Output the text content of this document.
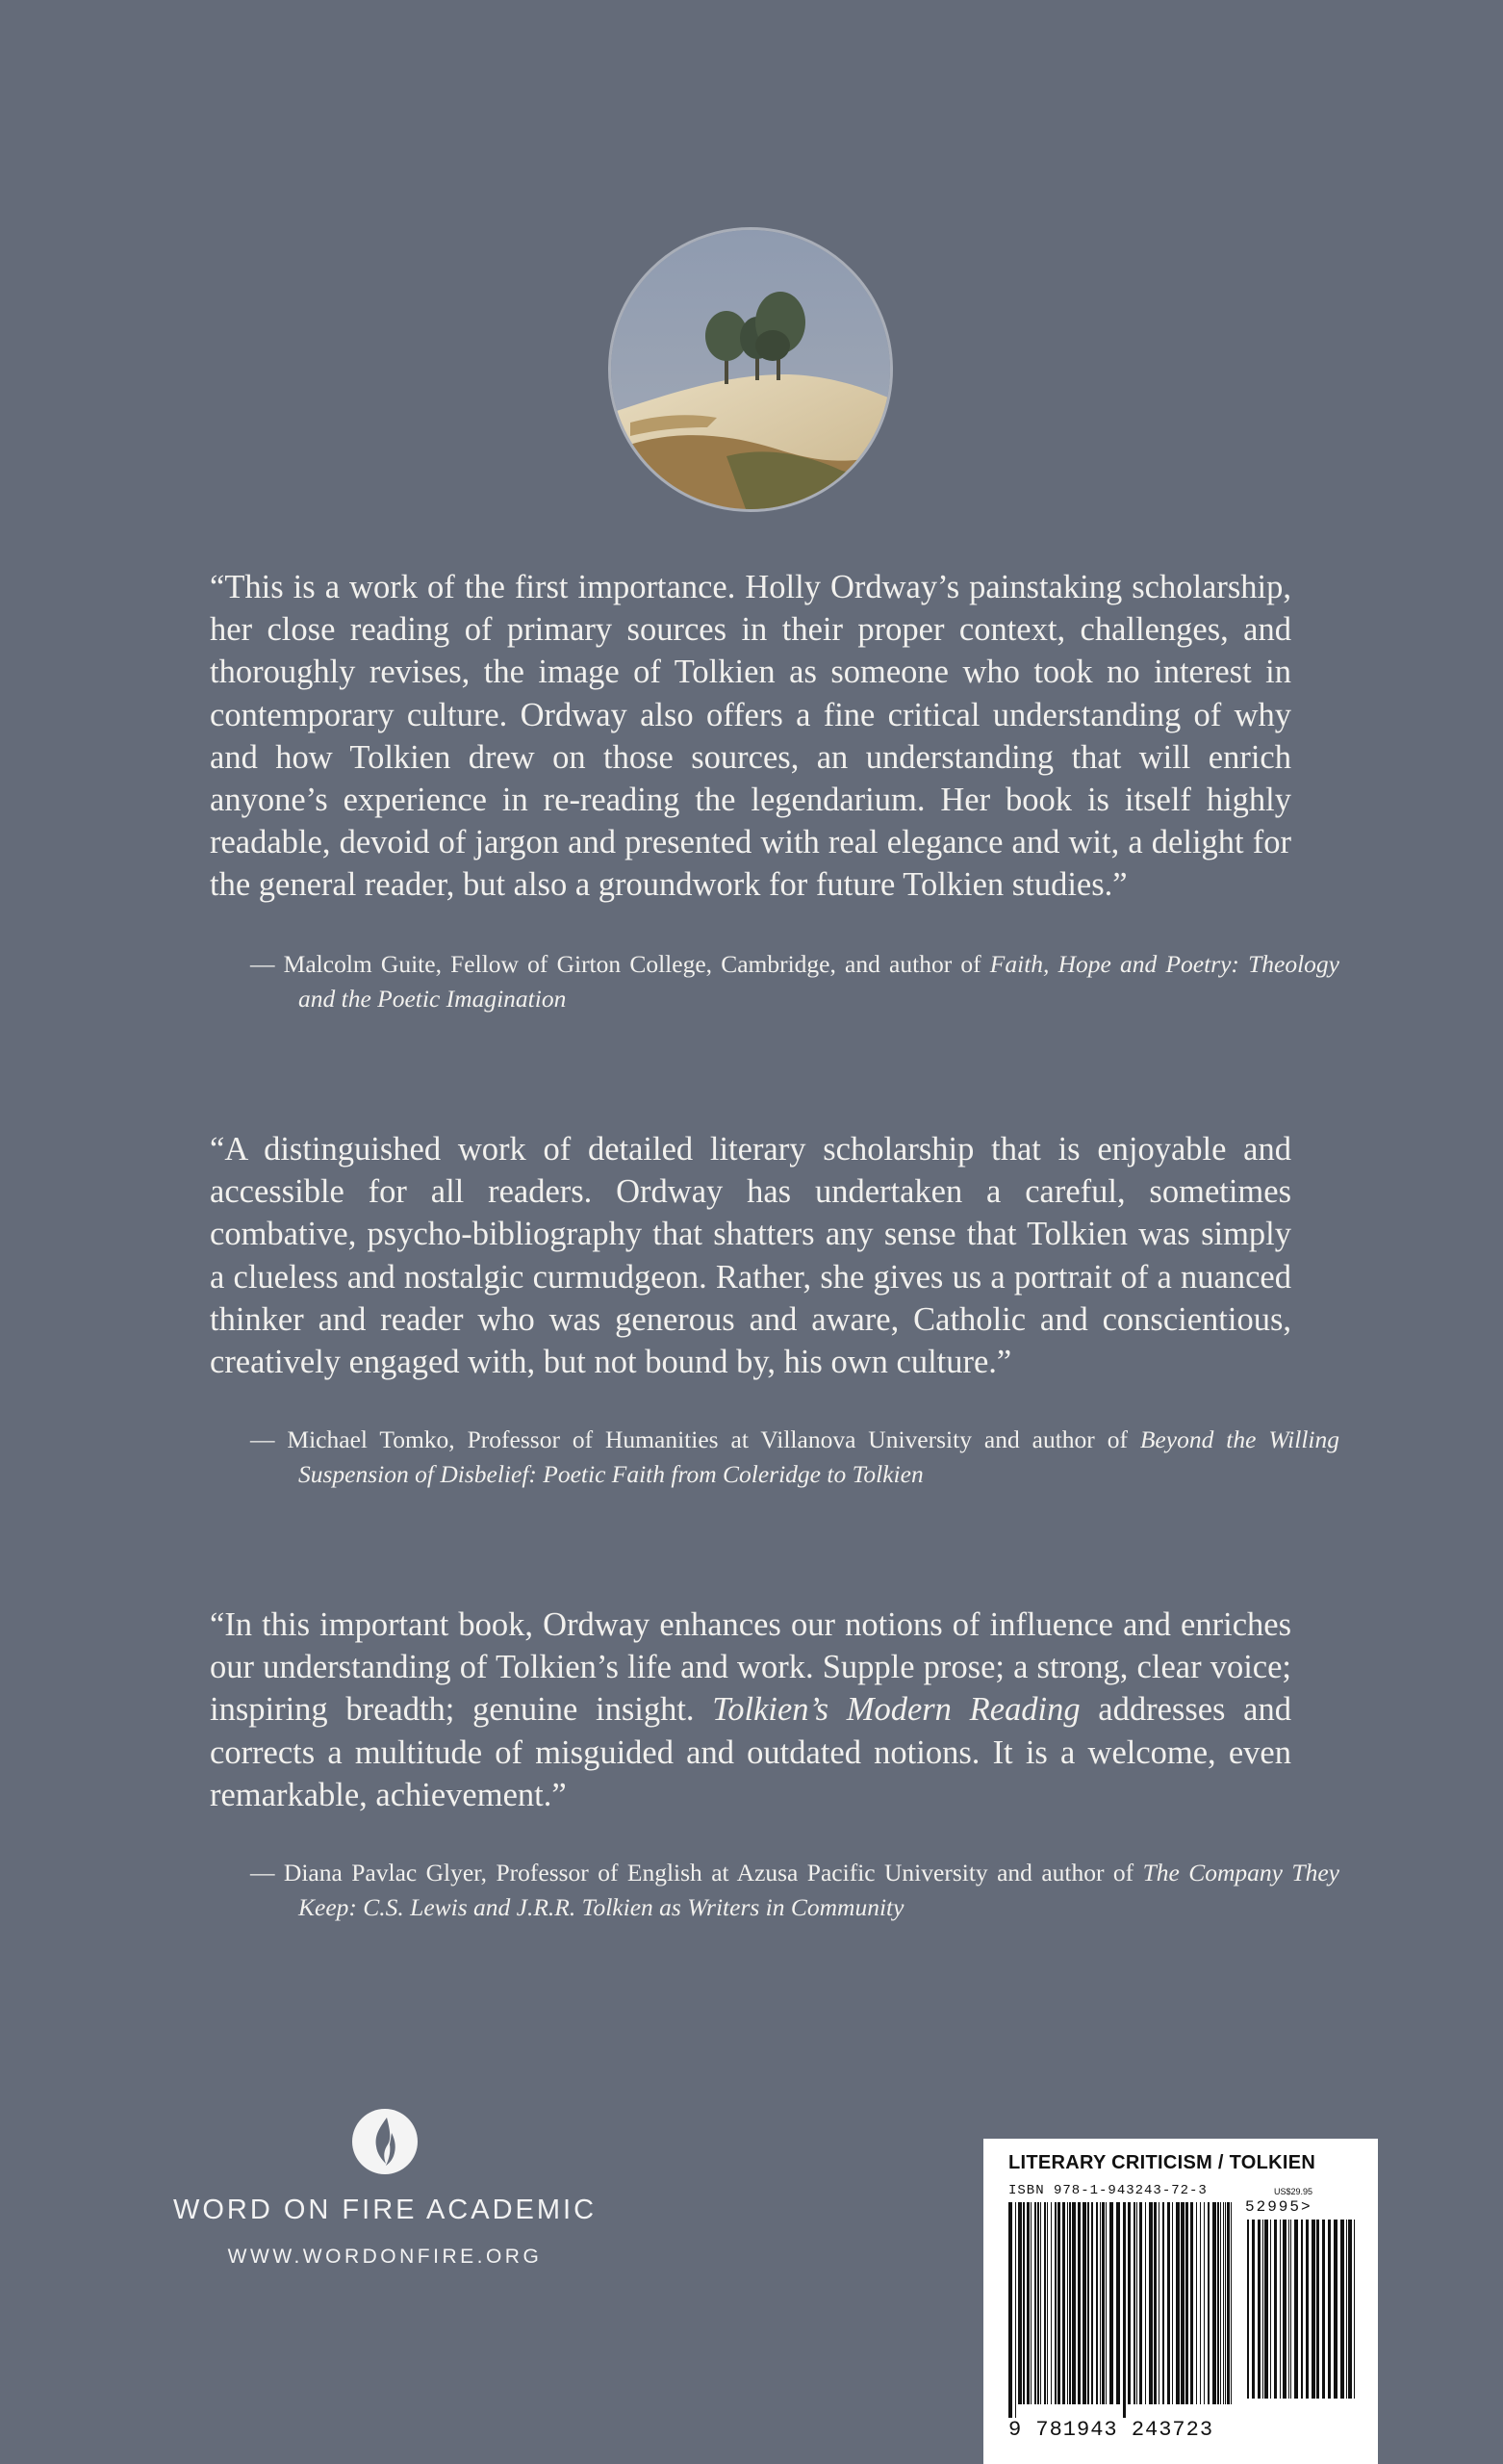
“This is a work of the first importance. Holly Ordway’s painstaking scholarship, her close reading of primary sources in their proper context, challenges, and thoroughly revises, the image of Tolkien as someone who took no interest in contemporary culture. Ordway also offers a fine critical understanding of why and how Tolkien drew on those sources, an understanding that will enrich anyone’s experience in re-reading the legendarium. Her book is itself highly readable, devoid of jargon and presented with real elegance and wit, a delight for the general reader, but also a groundwork for future Tolkien studies.”

— Malcolm Guite, Fellow of Girton College, Cambridge, and author of Faith, Hope and Poetry: Theology and the Poetic Imagination

“A distinguished work of detailed literary scholarship that is enjoyable and accessible for all readers. Ordway has undertaken a careful, sometimes combative, psycho-bibliography that shatters any sense that Tolkien was simply a clueless and nostalgic curmudgeon. Rather, she gives us a portrait of a nuanced thinker and reader who was generous and aware, Catholic and conscientious, creatively engaged with, but not bound by, his own culture.”

— Michael Tomko, Professor of Humanities at Villanova University and author of Beyond the Willing Suspension of Disbelief: Poetic Faith from Coleridge to Tolkien

“In this important book, Ordway enhances our notions of influence and enriches our understanding of Tolkien’s life and work. Supple prose; a strong, clear voice; inspiring breadth; genuine insight. Tolkien’s Modern Reading addresses and corrects a multitude of misguided and outdated notions. It is a welcome, even remarkable, achievement.”

— Diana Pavlac Glyer, Professor of English at Azusa Pacific University and author of The Company They Keep: C.S. Lewis and J.R.R. Tolkien as Writers in Community

WORD ON FIRE ACADEMIC
WWW.WORDONFIRE.ORG
LITERARY CRITICISM / TOLKIEN
ISBN 978-1-943243-72-3	US$29.95
52995>
9 781943 243723
